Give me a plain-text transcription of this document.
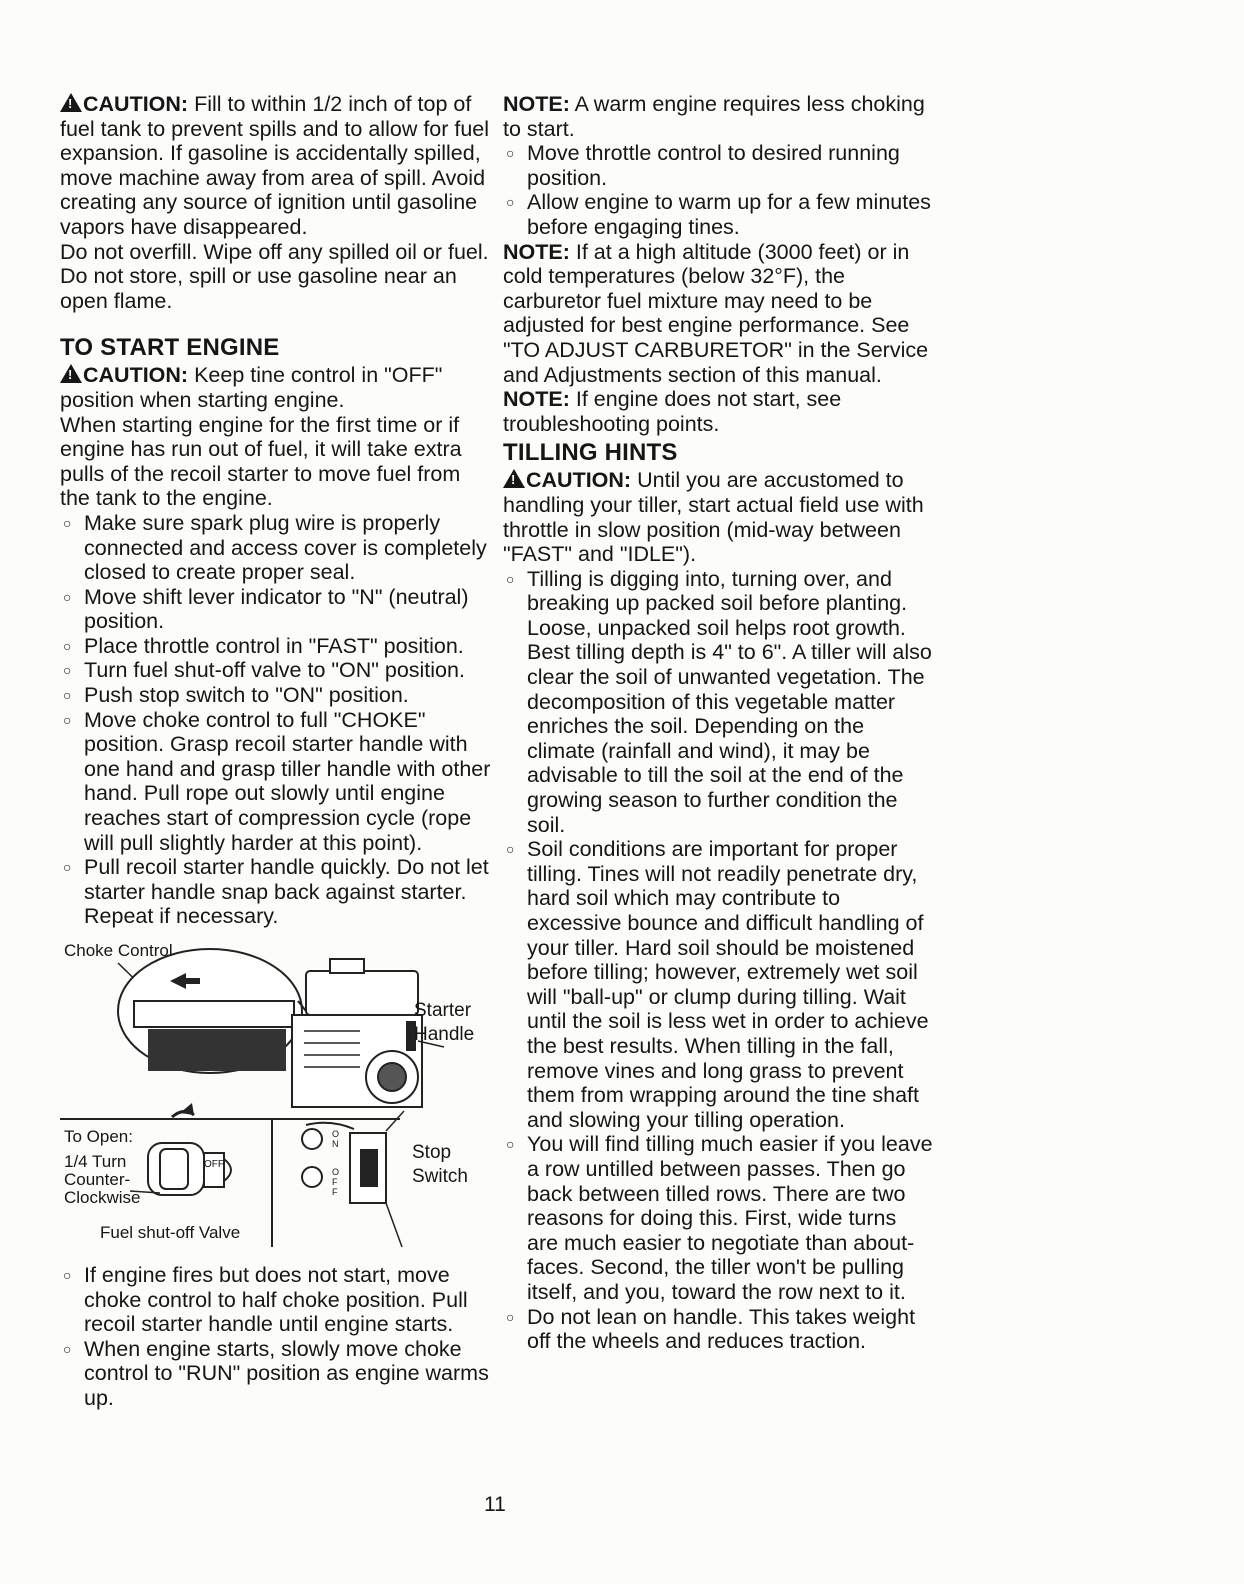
!CAUTION: Fill to within 1/2 inch of top of fuel tank to prevent spills and to allow for fuel expansion. If gasoline is accidentally spilled, move machine away from area of spill. Avoid creating any source of ignition until gasoline vapors have disappeared.

Do not overfill. Wipe off any spilled oil or fuel. Do not store, spill or use gasoline near an open flame.

TO START ENGINE

!CAUTION: Keep tine control in "OFF" position when starting engine.

When starting engine for the first time or if engine has run out of fuel, it will take extra pulls of the recoil starter to move fuel from the tank to the engine.

○ Make sure spark plug wire is properly connected and access cover is completely closed to create proper seal.
○ Move shift lever indicator to "N" (neutral) position.
○ Place throttle control in "FAST" position.
○ Turn fuel shut-off valve to "ON" position.
○ Push stop switch to "ON" position.
○ Move choke control to full "CHOKE" position. Grasp recoil starter handle with one hand and grasp tiller handle with other hand. Pull rope out slowly until engine reaches start of compression cycle (rope will pull slightly harder at this point).
○ Pull recoil starter handle quickly. Do not let starter handle snap back against starter. Repeat if necessary.
Choke Control
Starter
Handle
To Open:
1/4 Turn
Counter-
Clockwise
OFF
Fuel shut-off Valve
Stop
Switch
ON
OFF
○ If engine fires but does not start, move choke control to half choke position. Pull recoil starter handle until engine starts.
○ When engine starts, slowly move choke control to "RUN" position as engine warms up.

NOTE: A warm engine requires less choking to start.

○ Move throttle control to desired running position.
○ Allow engine to warm up for a few minutes before engaging tines.

NOTE: If at a high altitude (3000 feet) or in cold temperatures (below 32°F), the carburetor fuel mixture may need to be adjusted for best engine performance. See "TO ADJUST CARBURETOR" in the Service and Adjustments section of this manual.

NOTE: If engine does not start, see troubleshooting points.

TILLING HINTS

!CAUTION: Until you are accustomed to handling your tiller, start actual field use with throttle in slow position (mid-way between "FAST" and "IDLE").

○ Tilling is digging into, turning over, and breaking up packed soil before planting. Loose, unpacked soil helps root growth. Best tilling depth is 4" to 6". A tiller will also clear the soil of unwanted vegetation. The decomposition of this vegetable matter enriches the soil. Depending on the climate (rainfall and wind), it may be advisable to till the soil at the end of the growing season to further condition the soil.
○ Soil conditions are important for proper tilling. Tines will not readily penetrate dry, hard soil which may contribute to excessive bounce and difficult handling of your tiller. Hard soil should be moistened before tilling; however, extremely wet soil will "ball-up" or clump during tilling. Wait until the soil is less wet in order to achieve the best results. When tilling in the fall, remove vines and long grass to prevent them from wrapping around the tine shaft and slowing your tilling operation.
○ You will find tilling much easier if you leave a row untilled between passes. Then go back between tilled rows. There are two reasons for doing this. First, wide turns are much easier to negotiate than about-faces. Second, the tiller won't be pulling itself, and you, toward the row next to it.
○ Do not lean on handle. This takes weight off the wheels and reduces traction.
11
